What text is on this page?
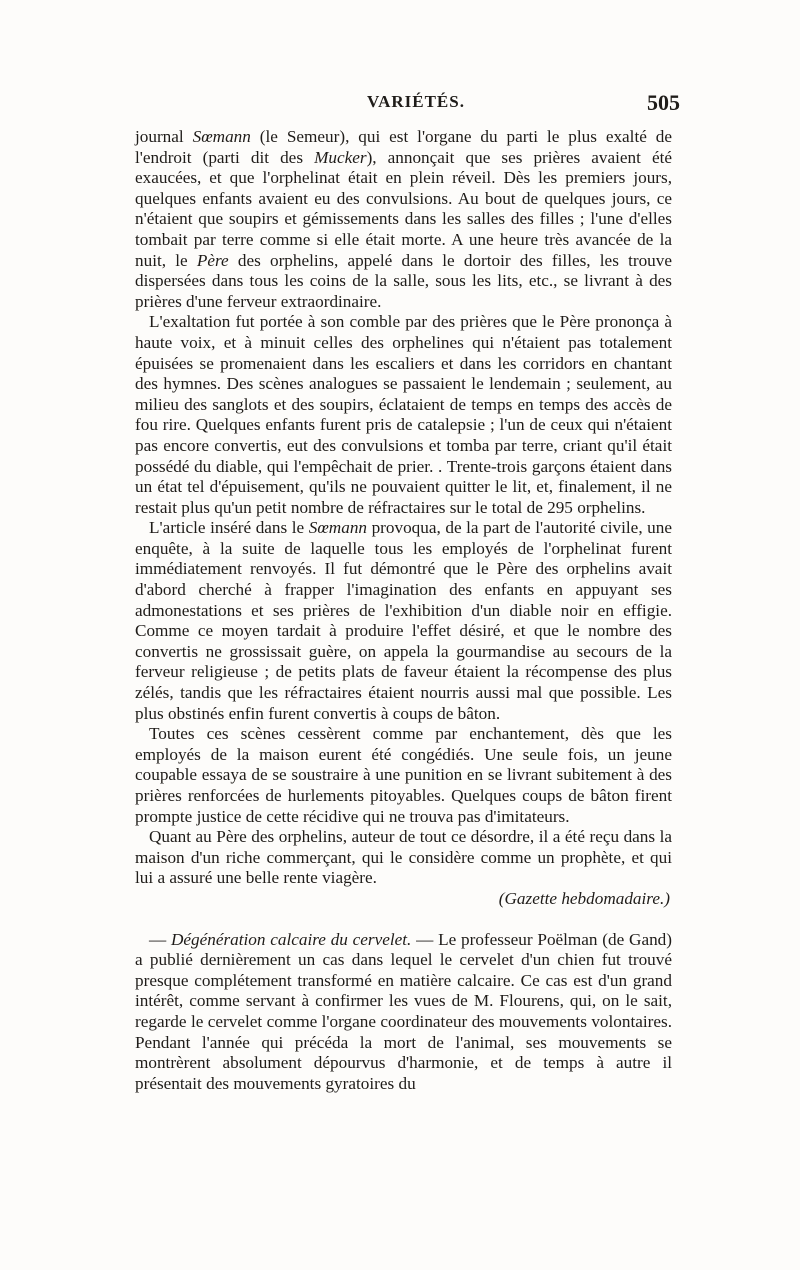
VARIÉTÉS.	505

journal Sœmann (le Semeur), qui est l'organe du parti le plus exalté de l'endroit (parti dit des Mucker), annonçait que ses prières avaient été exaucées, et que l'orphelinat était en plein réveil. Dès les premiers jours, quelques enfants avaient eu des convulsions. Au bout de quelques jours, ce n'étaient que soupirs et gémissements dans les salles des filles ; l'une d'elles tombait par terre comme si elle était morte. A une heure très avancée de la nuit, le Père des orphelins, appelé dans le dortoir des filles, les trouve dispersées dans tous les coins de la salle, sous les lits, etc., se livrant à des prières d'une ferveur extraordinaire.

L'exaltation fut portée à son comble par des prières que le Père prononça à haute voix, et à minuit celles des orphelines qui n'étaient pas totalement épuisées se promenaient dans les escaliers et dans les corridors en chantant des hymnes. Des scènes analogues se passaient le lendemain ; seulement, au milieu des sanglots et des soupirs, éclataient de temps en temps des accès de fou rire. Quelques enfants furent pris de catalepsie ; l'un de ceux qui n'étaient pas encore convertis, eut des convulsions et tomba par terre, criant qu'il était possédé du diable, qui l'empêchait de prier. . Trente-trois garçons étaient dans un état tel d'épuisement, qu'ils ne pouvaient quitter le lit, et, finalement, il ne restait plus qu'un petit nombre de réfractaires sur le total de 295 orphelins.

L'article inséré dans le Sœmann provoqua, de la part de l'autorité civile, une enquête, à la suite de laquelle tous les employés de l'orphelinat furent immédiatement renvoyés. Il fut démontré que le Père des orphelins avait d'abord cherché à frapper l'imagination des enfants en appuyant ses admonestations et ses prières de l'exhibition d'un diable noir en effigie. Comme ce moyen tardait à produire l'effet désiré, et que le nombre des convertis ne grossissait guère, on appela la gourmandise au secours de la ferveur religieuse ; de petits plats de faveur étaient la récompense des plus zélés, tandis que les réfractaires étaient nourris aussi mal que possible. Les plus obstinés enfin furent convertis à coups de bâton.

Toutes ces scènes cessèrent comme par enchantement, dès que les employés de la maison eurent été congédiés. Une seule fois, un jeune coupable essaya de se soustraire à une punition en se livrant subitement à des prières renforcées de hurlements pitoyables. Quelques coups de bâton firent prompte justice de cette récidive qui ne trouva pas d'imitateurs.

Quant au Père des orphelins, auteur de tout ce désordre, il a été reçu dans la maison d'un riche commerçant, qui le considère comme un prophète, et qui lui a assuré une belle rente viagère.

(Gazette hebdomadaire.)

— Dégénération calcaire du cervelet. — Le professeur Poëlman (de Gand) a publié dernièrement un cas dans lequel le cervelet d'un chien fut trouvé presque complétement transformé en matière calcaire. Ce cas est d'un grand intérêt, comme servant à confirmer les vues de M. Flourens, qui, on le sait, regarde le cervelet comme l'organe coordinateur des mouvements volontaires. Pendant l'année qui précéda la mort de l'animal, ses mouvements se montrèrent absolument dépourvus d'harmonie, et de temps à autre il présentait des mouvements gyratoires du
